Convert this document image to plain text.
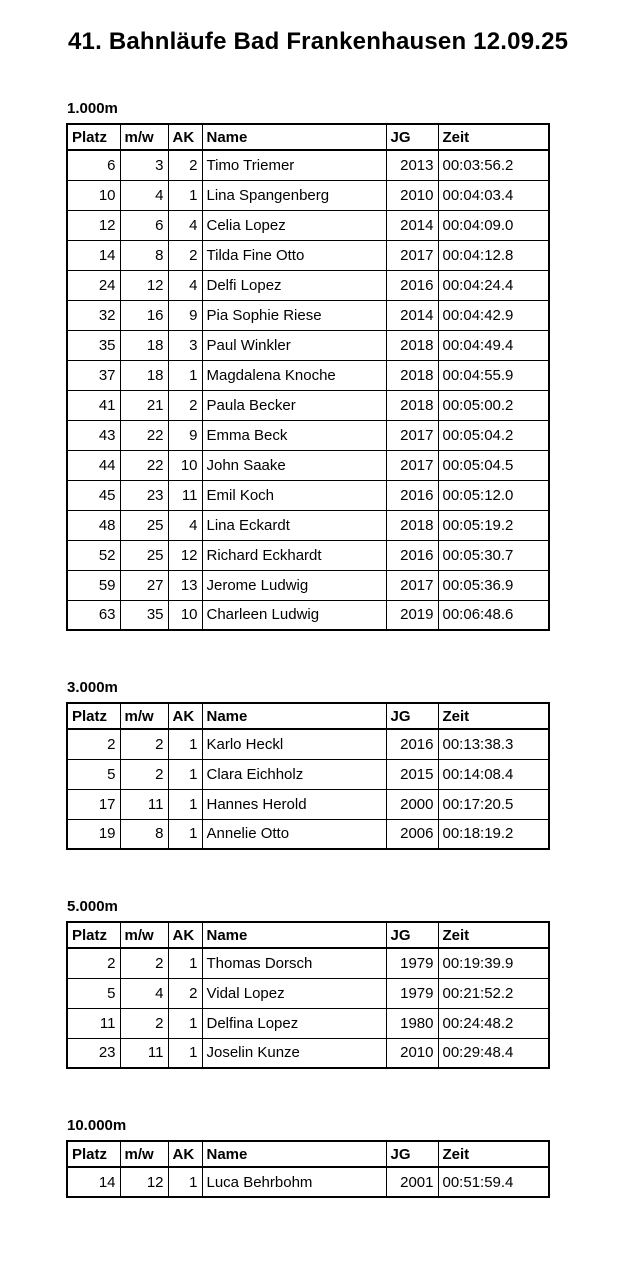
41. Bahnläufe Bad Frankenhausen 12.09.25
1.000m
Platz	m/w	AK	Name	JG	Zeit
6	3	2	Timo Triemer	2013	00:03:56.2
10	4	1	Lina Spangenberg	2010	00:04:03.4
12	6	4	Celia Lopez	2014	00:04:09.0
14	8	2	Tilda Fine Otto	2017	00:04:12.8
24	12	4	Delfi Lopez	2016	00:04:24.4
32	16	9	Pia Sophie Riese	2014	00:04:42.9
35	18	3	Paul Winkler	2018	00:04:49.4
37	18	1	Magdalena Knoche	2018	00:04:55.9
41	21	2	Paula Becker	2018	00:05:00.2
43	22	9	Emma Beck	2017	00:05:04.2
44	22	10	John Saake	2017	00:05:04.5
45	23	11	Emil Koch	2016	00:05:12.0
48	25	4	Lina Eckardt	2018	00:05:19.2
52	25	12	Richard Eckhardt	2016	00:05:30.7
59	27	13	Jerome Ludwig	2017	00:05:36.9
63	35	10	Charleen Ludwig	2019	00:06:48.6
3.000m
Platz	m/w	AK	Name	JG	Zeit
2	2	1	Karlo Heckl	2016	00:13:38.3
5	2	1	Clara Eichholz	2015	00:14:08.4
17	11	1	Hannes Herold	2000	00:17:20.5
19	8	1	Annelie Otto	2006	00:18:19.2
5.000m
Platz	m/w	AK	Name	JG	Zeit
2	2	1	Thomas Dorsch	1979	00:19:39.9
5	4	2	Vidal Lopez	1979	00:21:52.2
11	2	1	Delfina Lopez	1980	00:24:48.2
23	11	1	Joselin Kunze	2010	00:29:48.4
10.000m
Platz	m/w	AK	Name	JG	Zeit
14	12	1	Luca Behrbohm	2001	00:51:59.4
